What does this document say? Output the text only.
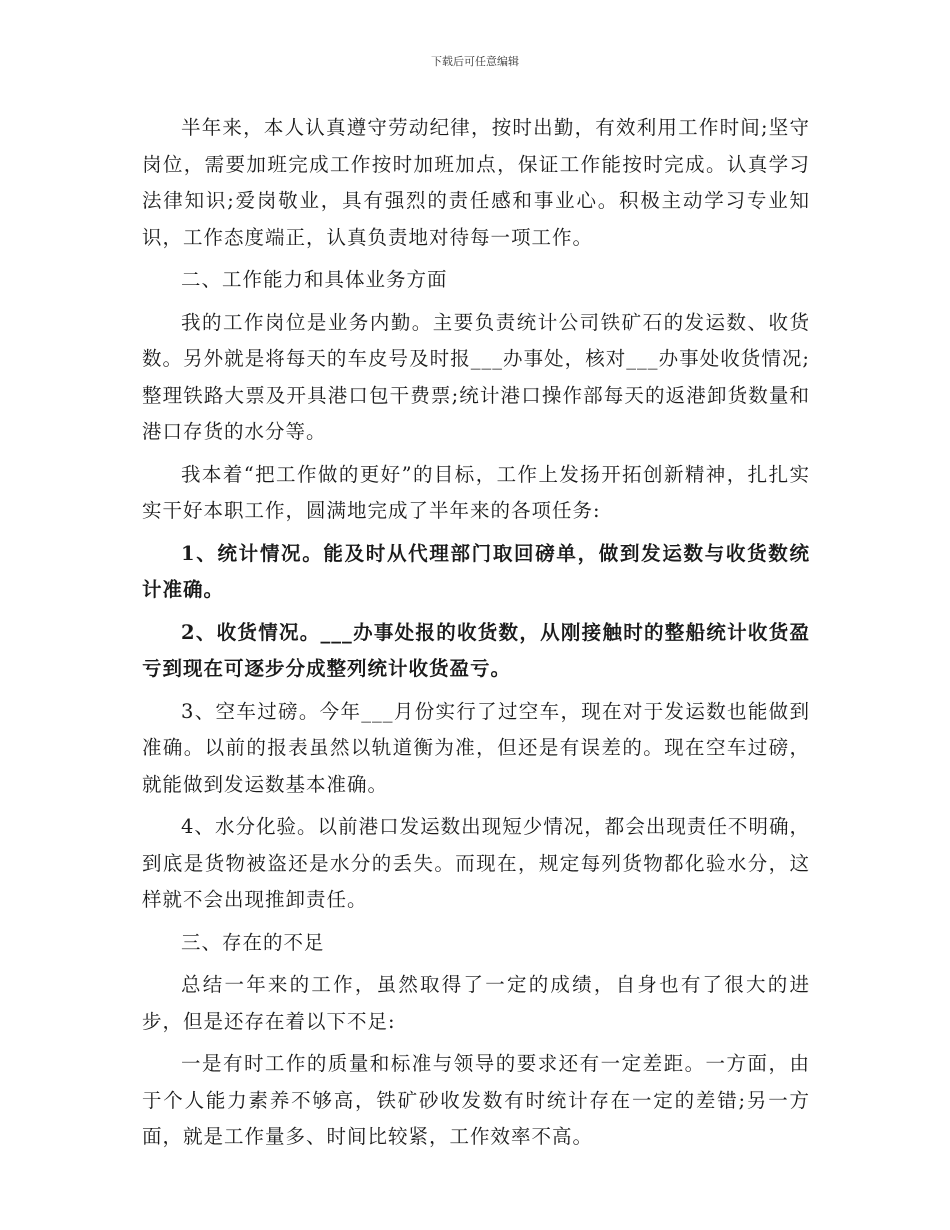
下载后可任意编辑

半年来，本人认真遵守劳动纪律，按时出勤，有效利用工作时间;坚守岗位，需要加班完成工作按时加班加点，保证工作能按时完成。认真学习法律知识;爱岗敬业，具有强烈的责任感和事业心。积极主动学习专业知识，工作态度端正，认真负责地对待每一项工作。

二、工作能力和具体业务方面

我的工作岗位是业务内勤。主要负责统计公司铁矿石的发运数、收货数。另外就是将每天的车皮号及时报___办事处，核对___办事处收货情况;整理铁路大票及开具港口包干费票;统计港口操作部每天的返港卸货数量和港口存货的水分等。

我本着“把工作做的更好”的目标，工作上发扬开拓创新精神，扎扎实实干好本职工作，圆满地完成了半年来的各项任务:

1、统计情况。能及时从代理部门取回磅单，做到发运数与收货数统计准确。

2、收货情况。___办事处报的收货数，从刚接触时的整船统计收货盈亏到现在可逐步分成整列统计收货盈亏。

3、空车过磅。今年___月份实行了过空车，现在对于发运数也能做到准确。以前的报表虽然以轨道衡为准，但还是有误差的。现在空车过磅，就能做到发运数基本准确。

4、水分化验。以前港口发运数出现短少情况，都会出现责任不明确，到底是货物被盗还是水分的丢失。而现在，规定每列货物都化验水分，这样就不会出现推卸责任。

三、存在的不足

总结一年来的工作，虽然取得了一定的成绩，自身也有了很大的进步，但是还存在着以下不足:

一是有时工作的质量和标准与领导的要求还有一定差距。一方面，由于个人能力素养不够高，铁矿砂收发数有时统计存在一定的差错;另一方面，就是工作量多、时间比较紧，工作效率不高。
